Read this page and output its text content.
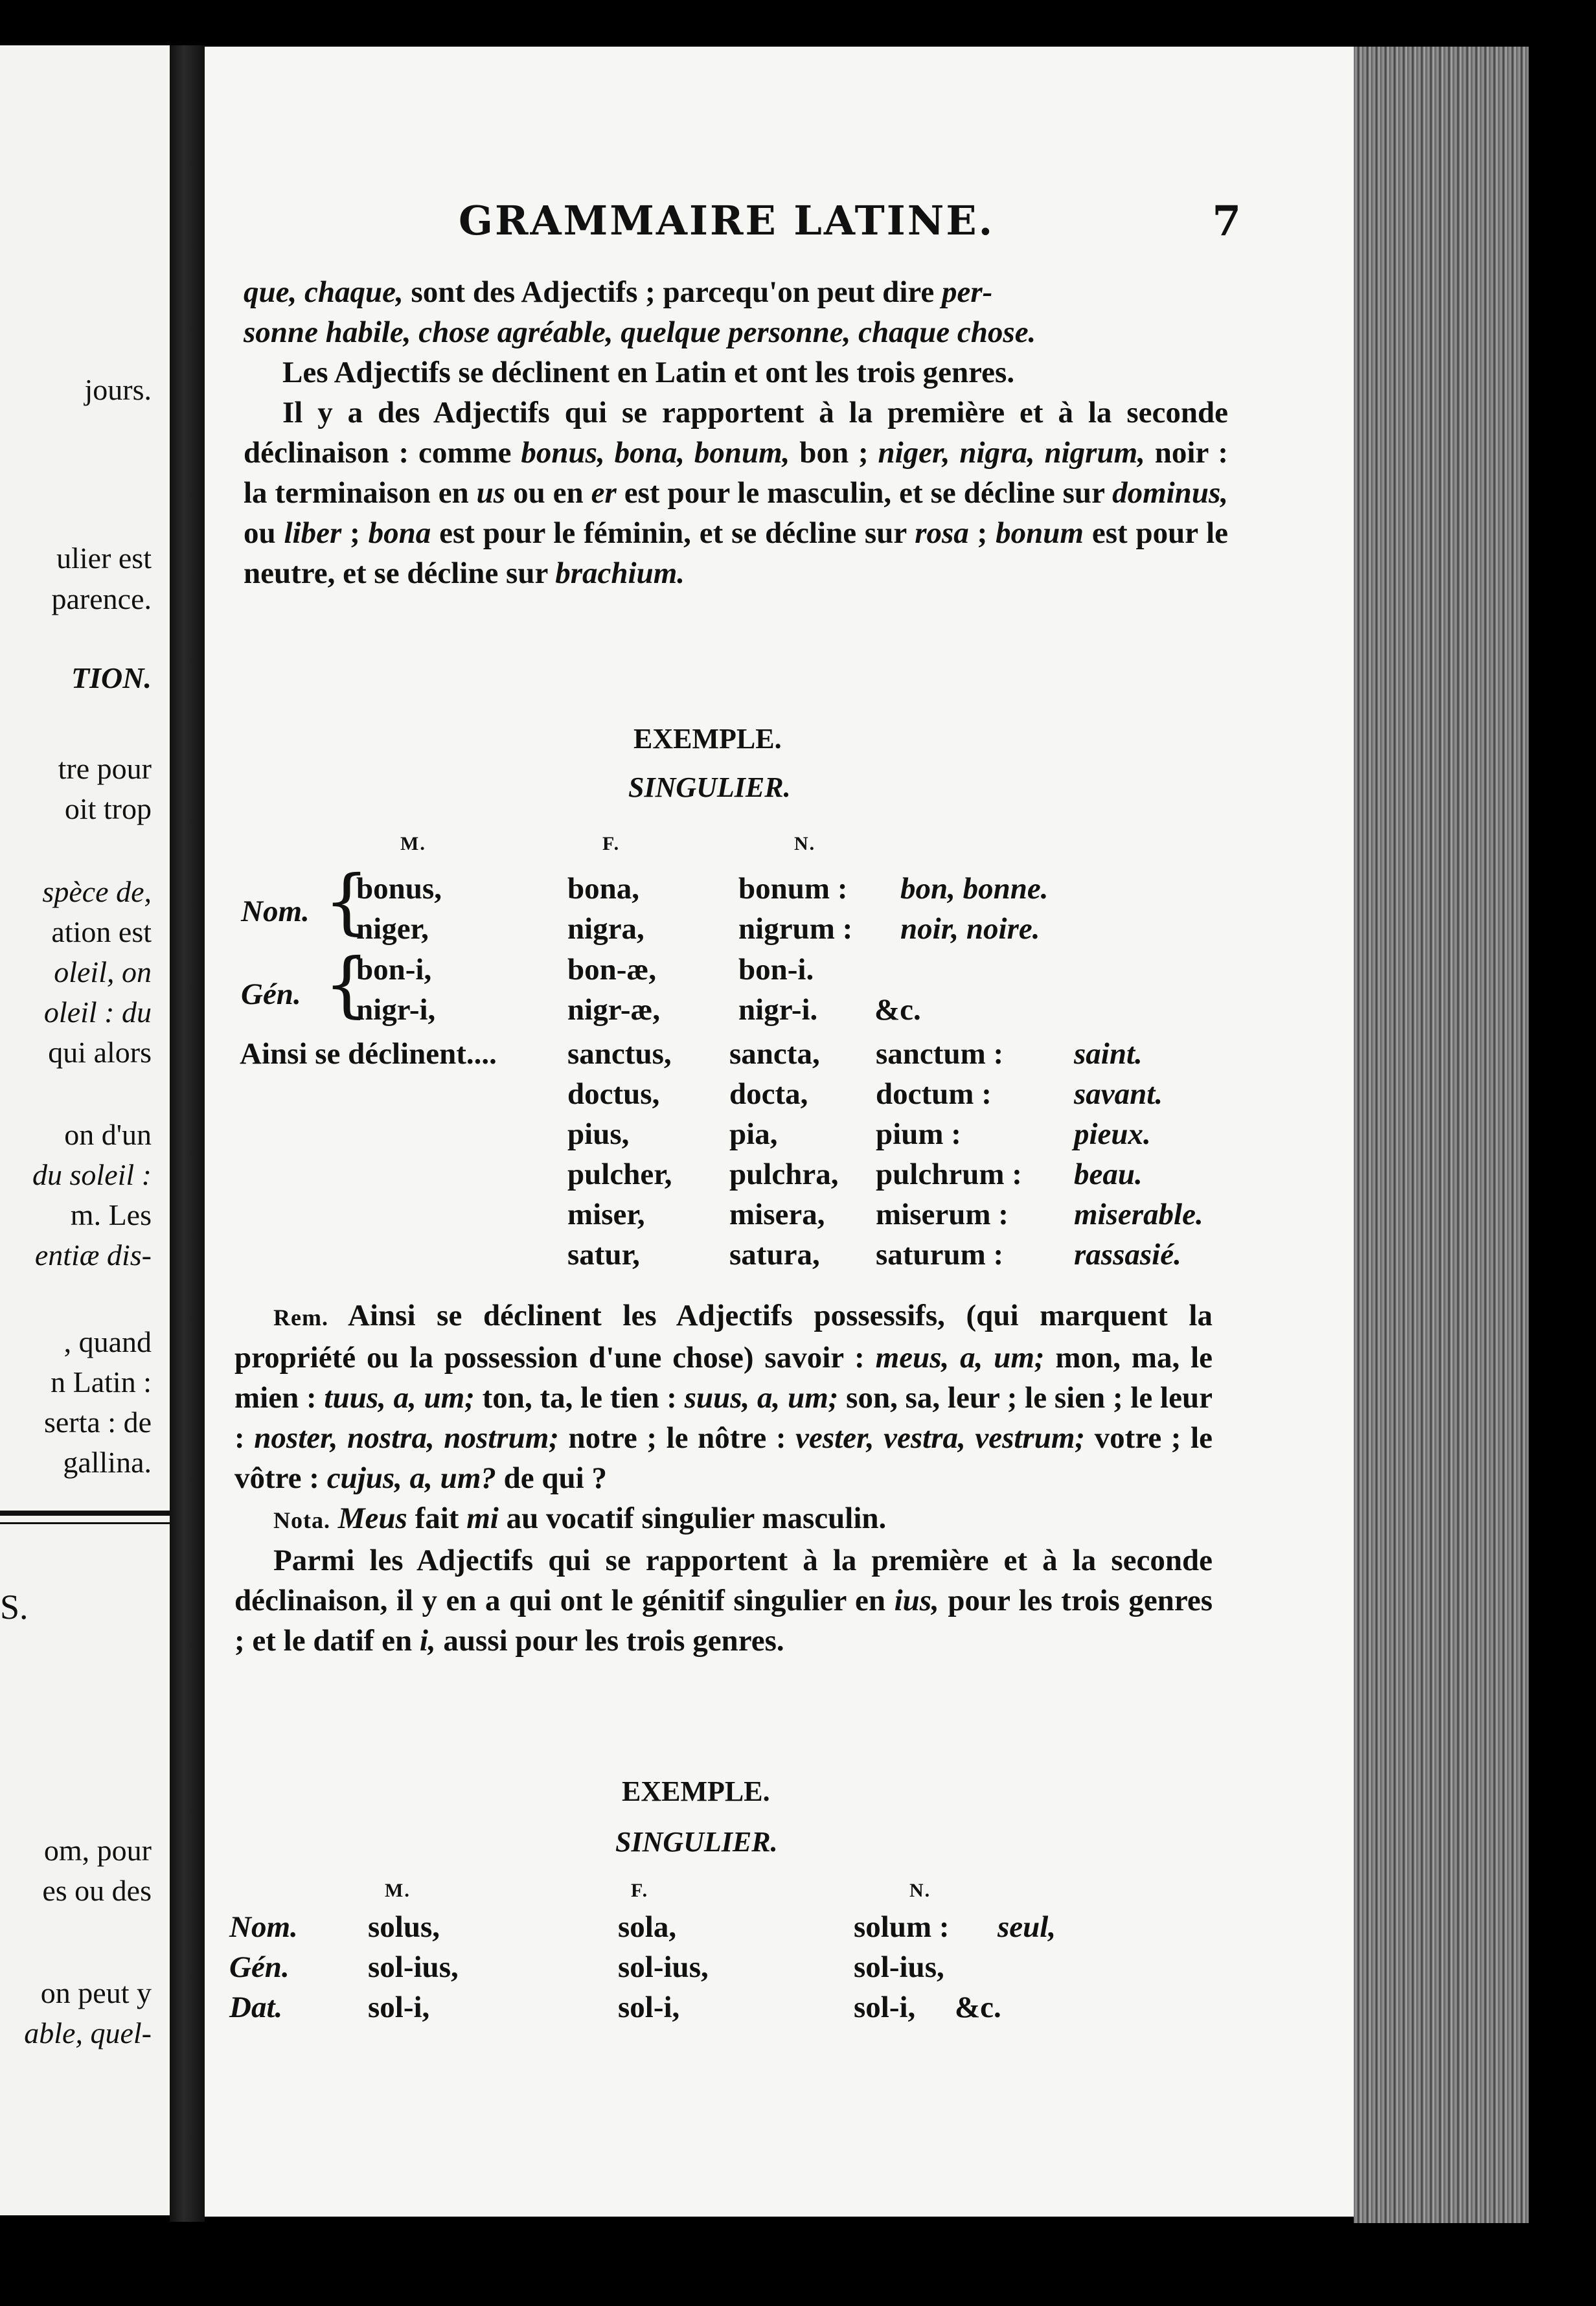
jours.
ulier est
parence.
TION.
tre pour
oit trop
spèce de,
ation est
oleil, on
oleil : du
qui alors
on d'un
du soleil :
m. Les
entiæ dis-
, quand
n Latin :
serta : de
gallina.
S.
om, pour
es ou des
on peut y
able, quel-
GRAMMAIRE LATINE.	7

que, chaque, sont des Adjectifs ; parcequ'on peut dire per-
sonne habile, chose agréable, quelque personne, chaque chose.

Les Adjectifs se déclinent en Latin et ont les trois genres.

Il y a des Adjectifs qui se rapportent à la première et à la seconde déclinaison : comme bonus, bona, bonum, bon ; niger, nigra, nigrum, noir : la terminaison en us ou en er est pour le masculin, et se décline sur dominus, ou liber ; bona est pour le féminin, et se décline sur rosa ; bonum est pour le neutre, et se décline sur brachium.

EXEMPLE.
SINGULIER.
M.	F.	N.
Nom. {
bonus,	bona,	bonum : bon, bonne.
niger,	nigra,	nigrum : noir, noire.
Gén. {
bon-i,	bon-æ,	bon-i.
nigr-i,	nigr-æ,	nigr-i. &c.
Ainsi se déclinent.... sanctus, sancta, sanctum : saint.
doctus, docta, doctum :	savant.
pius,	pia,	pium :	pieux.
pulcher, pulchra, pulchrum : beau.
miser,	misera, miserum : miserable.
satur,	satura, saturum : rassasié.

Rem. Ainsi se déclinent les Adjectifs possessifs, (qui marquent la propriété ou la possession d'une chose) savoir : meus, a, um; mon, ma, le mien : tuus, a, um; ton, ta, le tien : suus, a, um; son, sa, leur ; le sien ; le leur : noster, nostra, nostrum; notre ; le nôtre : vester, vestra, vestrum; votre ; le vôtre : cujus, a, um? de qui ?

Nota. Meus fait mi au vocatif singulier masculin.

Parmi les Adjectifs qui se rapportent à la première et à la seconde déclinaison, il y en a qui ont le génitif singulier en ius, pour les trois genres ; et le datif en i, aussi pour les trois genres.

EXEMPLE.
SINGULIER.
M.	F.	N.
Nom. solus,	sola,	solum : seul,
Gén.	sol-ius,	sol-ius,	sol-ius,
Dat.	sol-i,	sol-i,	sol-i, &c.
